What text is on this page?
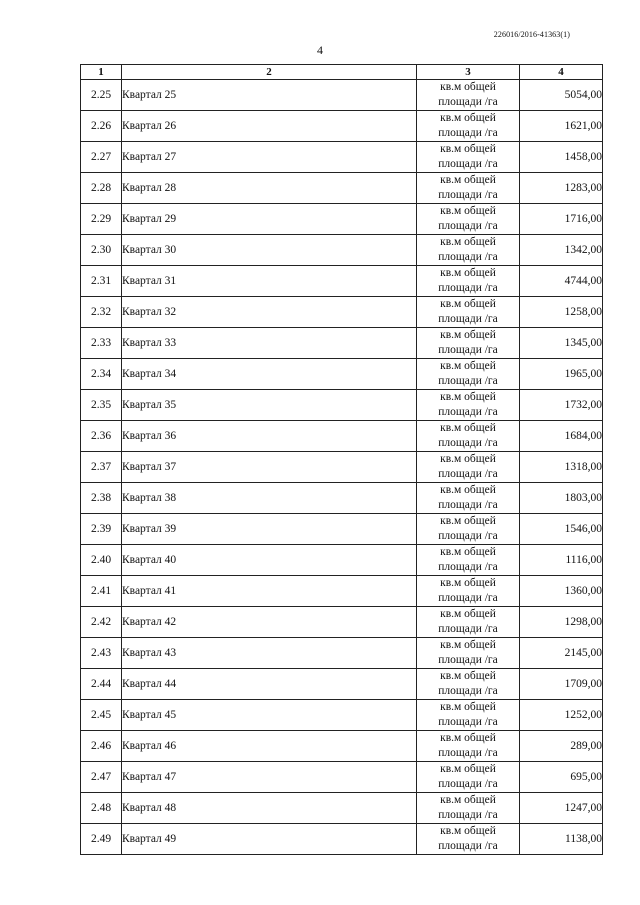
226016/2016-41363(1)
4
1	2	3	4
2.25	Квартал 25	кв.м общей
площади /га	5054,00
2.26	Квартал 26	кв.м общей
площади /га	1621,00
2.27	Квартал 27	кв.м общей
площади /га	1458,00
2.28	Квартал 28	кв.м общей
площади /га	1283,00
2.29	Квартал 29	кв.м общей
площади /га	1716,00
2.30	Квартал 30	кв.м общей
площади /га	1342,00
2.31	Квартал 31	кв.м общей
площади /га	4744,00
2.32	Квартал 32	кв.м общей
площади /га	1258,00
2.33	Квартал 33	кв.м общей
площади /га	1345,00
2.34	Квартал 34	кв.м общей
площади /га	1965,00
2.35	Квартал 35	кв.м общей
площади /га	1732,00
2.36	Квартал 36	кв.м общей
площади /га	1684,00
2.37	Квартал 37	кв.м общей
площади /га	1318,00
2.38	Квартал 38	кв.м общей
площади /га	1803,00
2.39	Квартал 39	кв.м общей
площади /га	1546,00
2.40	Квартал 40	кв.м общей
площади /га	1116,00
2.41	Квартал 41	кв.м общей
площади /га	1360,00
2.42	Квартал 42	кв.м общей
площади /га	1298,00
2.43	Квартал 43	кв.м общей
площади /га	2145,00
2.44	Квартал 44	кв.м общей
площади /га	1709,00
2.45	Квартал 45	кв.м общей
площади /га	1252,00
2.46	Квартал 46	кв.м общей
площади /га	289,00
2.47	Квартал 47	кв.м общей
площади /га	695,00
2.48	Квартал 48	кв.м общей
площади /га	1247,00
2.49	Квартал 49	кв.м общей
площади /га	1138,00
